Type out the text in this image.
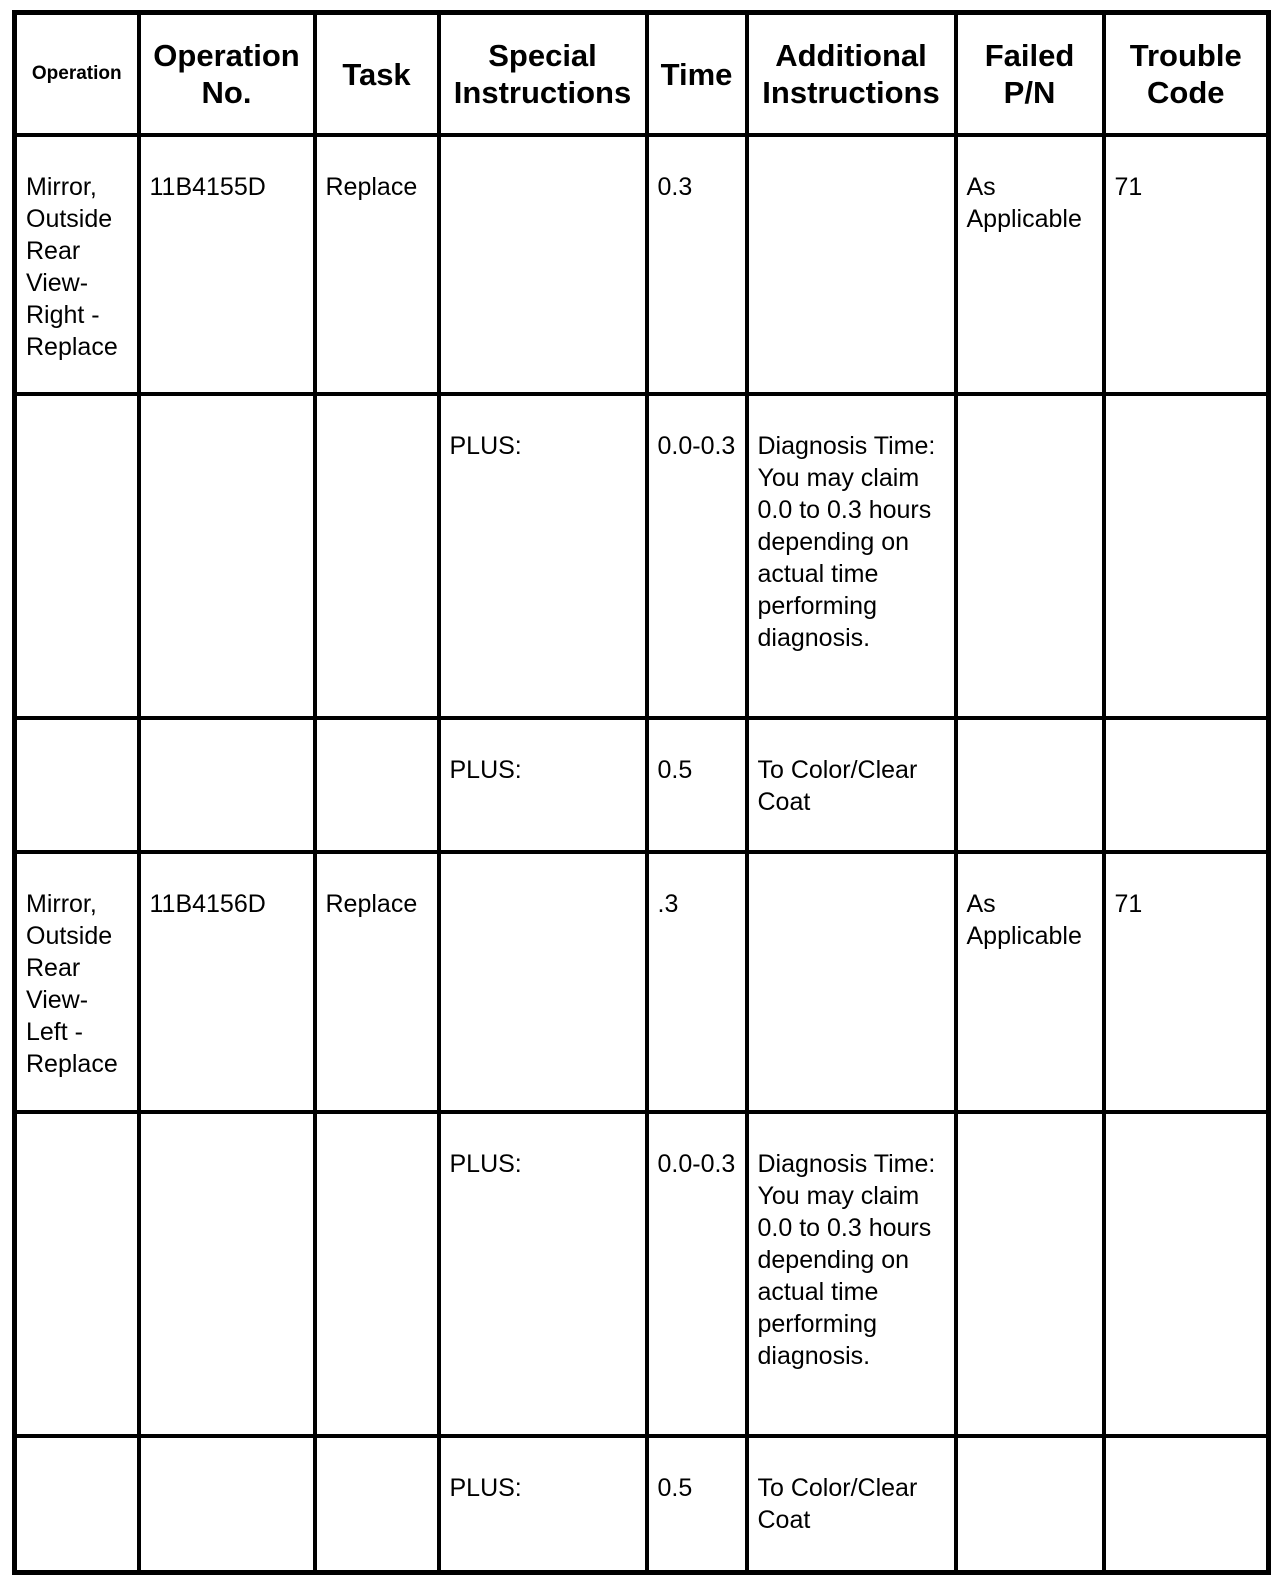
Operation	Operation No.	Task	Special Instructions	Time	Additional Instructions	Failed P/N	Trouble Code
Mirror, Outside Rear View-Right - Replace	11B4155D	Replace		0.3		As Applicable	71
			PLUS:	0.0-0.3	Diagnosis Time: You may claim 0.0 to 0.3 hours depending on actual time performing diagnosis.		
			PLUS:	0.5	To Color/Clear Coat		
Mirror, Outside Rear View-Left - Replace	11B4156D	Replace		.3		As Applicable	71
			PLUS:	0.0-0.3	Diagnosis Time: You may claim 0.0 to 0.3 hours depending on actual time performing diagnosis.		
			PLUS:	0.5	To Color/Clear Coat		
